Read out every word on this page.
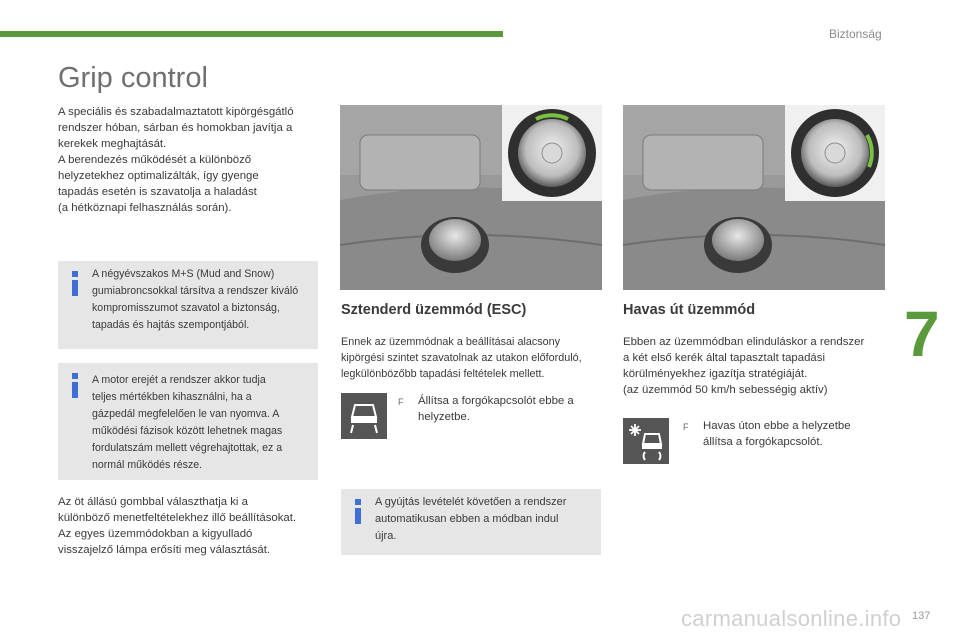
Biztonság
Grip control
A speciális és szabadalmaztatott kipörgésgátló
rendszer hóban, sárban és homokban javítja a
kerekek meghajtását.
A berendezés működését a különböző
helyzetekhez optimalizálták, így gyenge
tapadás esetén is szavatolja a haladást
(a hétköznapi felhasználás során).
A négyévszakos M+S (Mud and Snow)
gumiabroncsokkal társítva a rendszer kiváló
kompromisszumot szavatol a biztonság,
tapadás és hajtás szempontjából.
A motor erejét a rendszer akkor tudja
teljes mértékben kihasználni, ha a
gázpedál megfelelően le van nyomva. A
működési fázisok között lehetnek magas
fordulatszám mellett végrehajtottak, ez a
normál működés része.
Az öt állású gombbal választhatja ki a
különböző menetfeltételekhez illő beállításokat.
Az egyes üzemmódokban a kigyulladó
visszajelző lámpa erősíti meg választását.
Sztenderd üzemmód (ESC)
Ennek az üzemmódnak a beállításai alacsony
kipörgési szintet szavatolnak az utakon előforduló,
legkülönbözőbb tapadási feltételek mellett.
F Állítsa a forgókapcsolót ebbe a
helyzetbe.
A gyújtás levételét követően a rendszer
automatikusan ebben a módban indul
újra.
Havas út üzemmód
Ebben az üzemmódban elinduláskor a rendszer
a két első kerék által tapasztalt tapadási
körülményekhez igazítja stratégiáját.
(az üzemmód 50 km/h sebességig aktív)
F Havas úton ebbe a helyzetbe
állítsa a forgókapcsolót.
7
carmanualsonline.info 137
